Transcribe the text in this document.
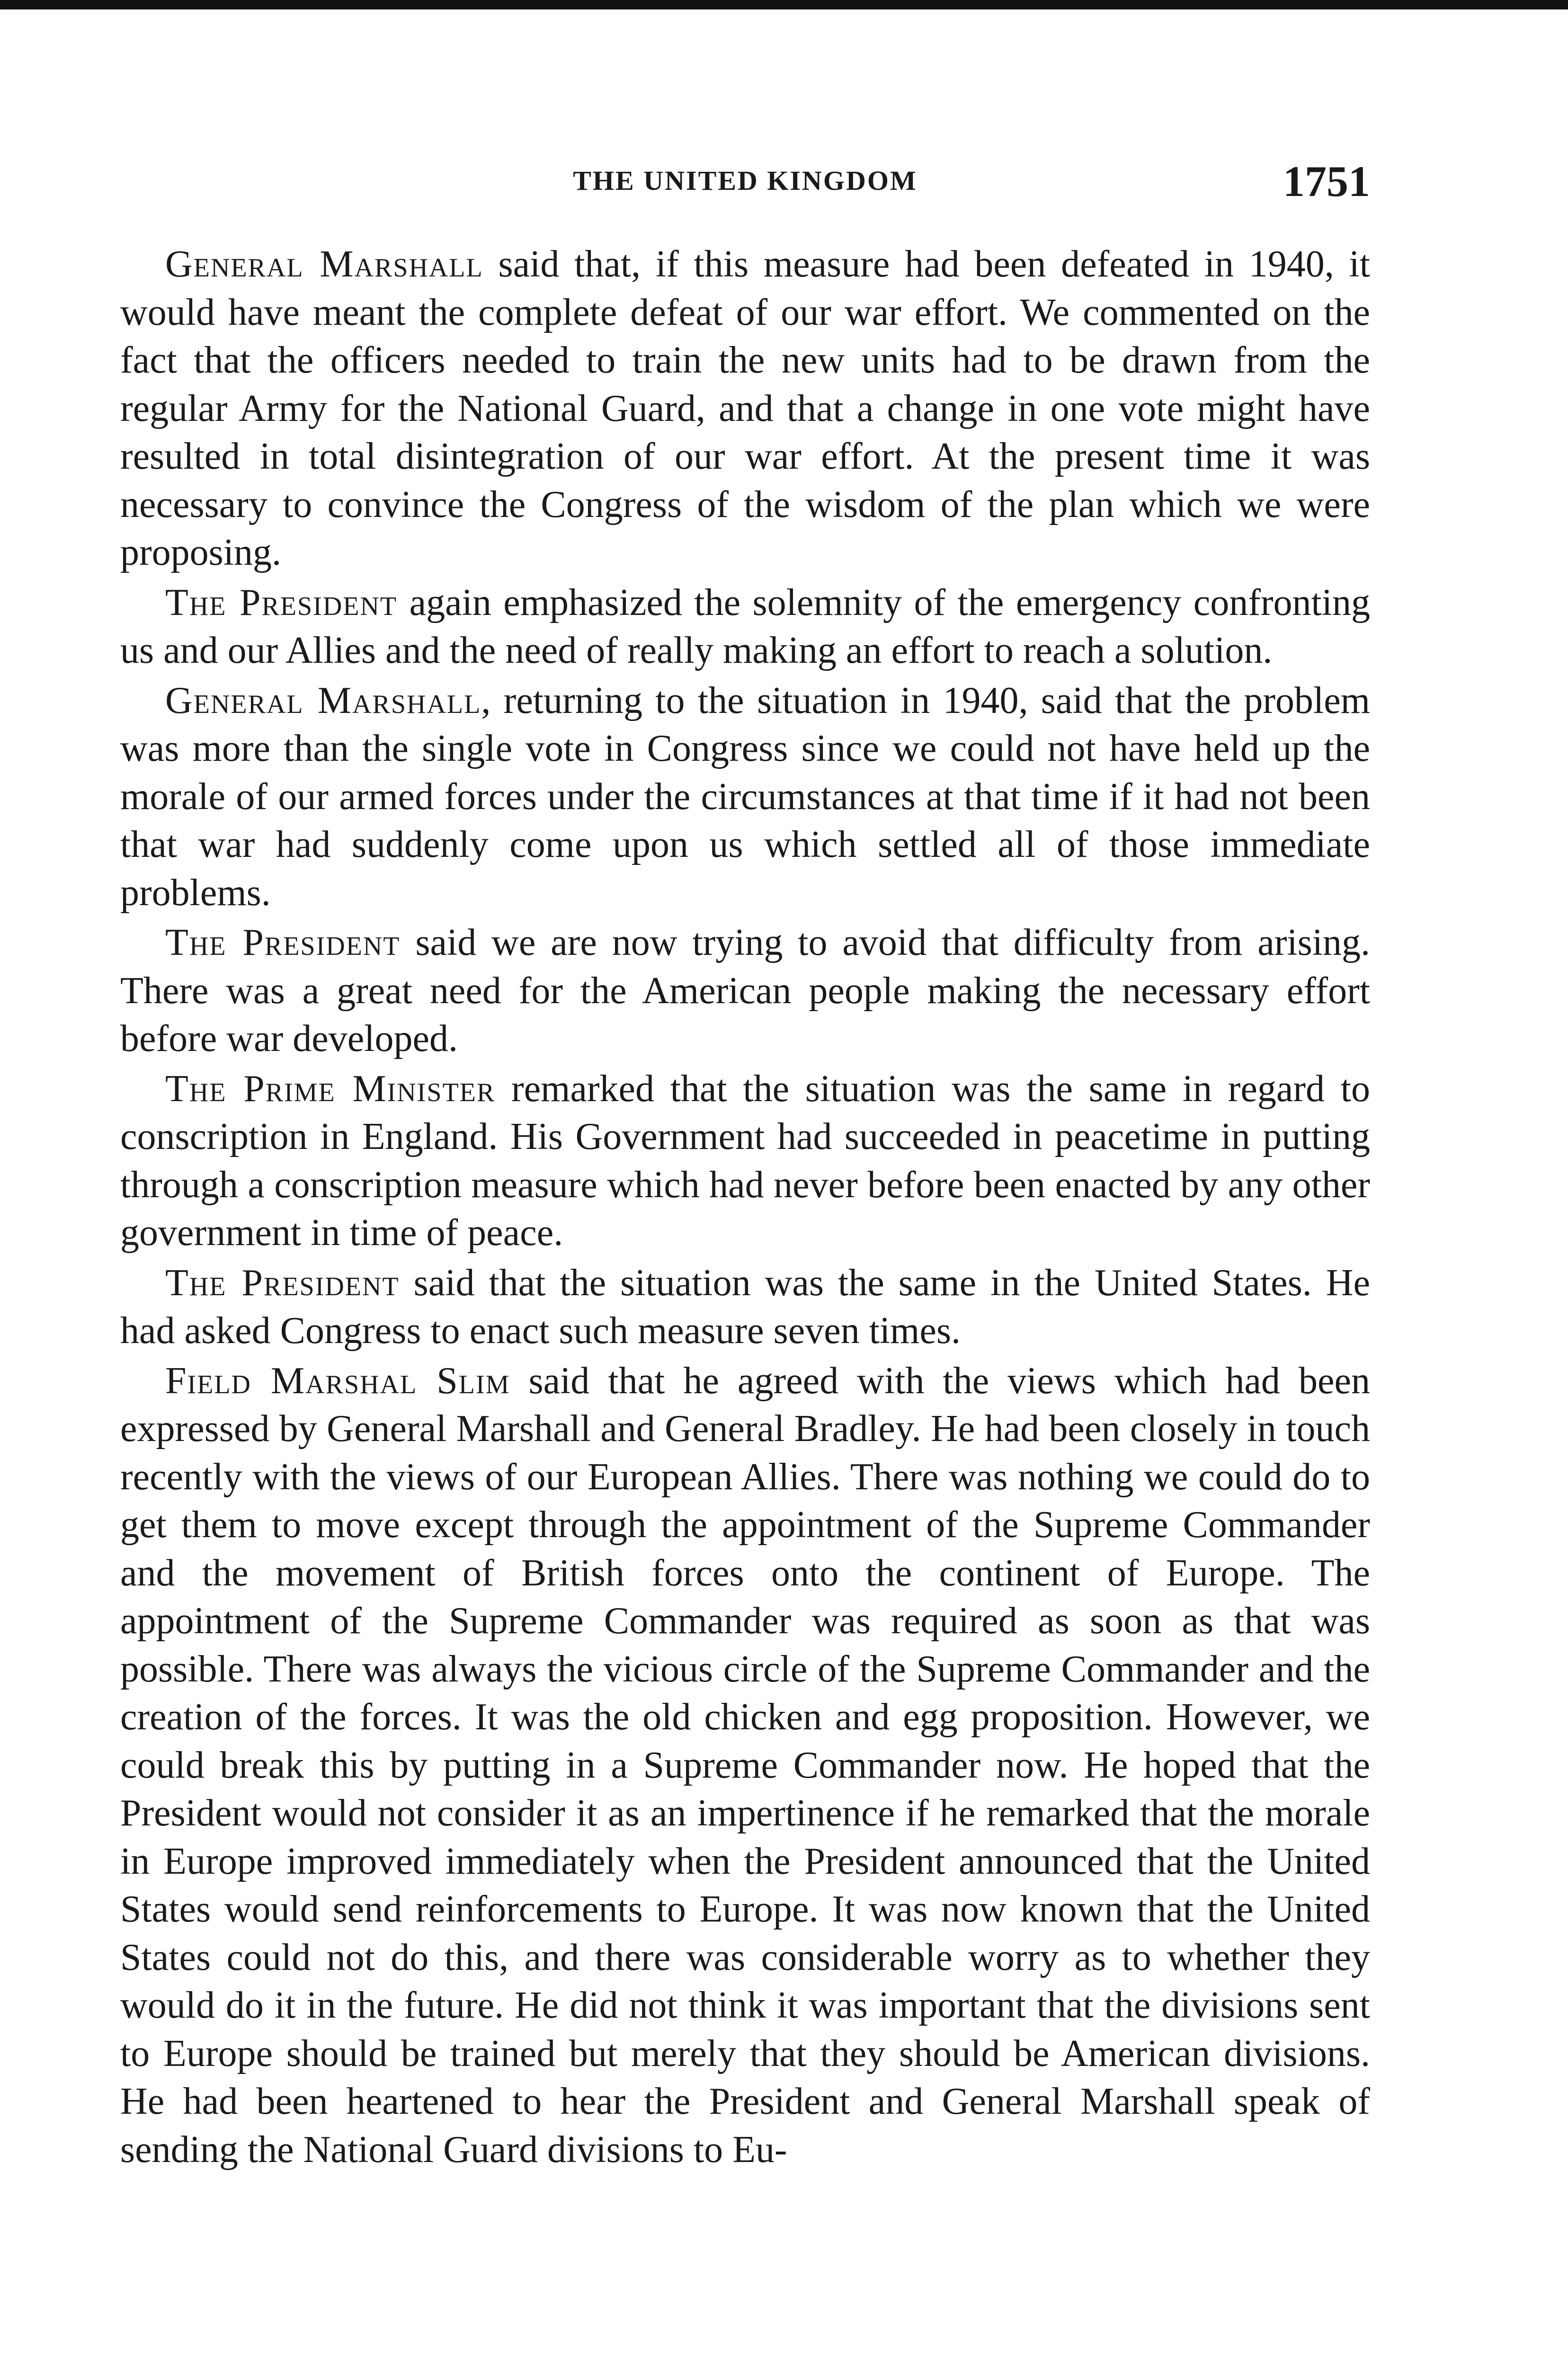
THE UNITED KINGDOM	1751

General Marshall said that, if this measure had been defeated in 1940, it would have meant the complete defeat of our war effort. We commented on the fact that the officers needed to train the new units had to be drawn from the regular Army for the National Guard, and that a change in one vote might have resulted in total disintegration of our war effort. At the present time it was necessary to convince the Congress of the wisdom of the plan which we were proposing.

The President again emphasized the solemnity of the emergency confronting us and our Allies and the need of really making an effort to reach a solution.

General Marshall, returning to the situation in 1940, said that the problem was more than the single vote in Congress since we could not have held up the morale of our armed forces under the circumstances at that time if it had not been that war had suddenly come upon us which settled all of those immediate problems.

The President said we are now trying to avoid that difficulty from arising. There was a great need for the American people making the necessary effort before war developed.

The Prime Minister remarked that the situation was the same in regard to conscription in England. His Government had succeeded in peacetime in putting through a conscription measure which had never before been enacted by any other government in time of peace.

The President said that the situation was the same in the United States. He had asked Congress to enact such measure seven times.

Field Marshal Slim said that he agreed with the views which had been expressed by General Marshall and General Bradley. He had been closely in touch recently with the views of our European Allies. There was nothing we could do to get them to move except through the appointment of the Supreme Commander and the movement of British forces onto the continent of Europe. The appointment of the Supreme Commander was required as soon as that was possible. There was always the vicious circle of the Supreme Commander and the creation of the forces. It was the old chicken and egg proposition. However, we could break this by putting in a Supreme Commander now. He hoped that the President would not consider it as an impertinence if he remarked that the morale in Europe improved immediately when the President announced that the United States would send reinforcements to Europe. It was now known that the United States could not do this, and there was considerable worry as to whether they would do it in the future. He did not think it was important that the divisions sent to Europe should be trained but merely that they should be American divisions. He had been heartened to hear the President and General Marshall speak of sending the National Guard divisions to Eu-
